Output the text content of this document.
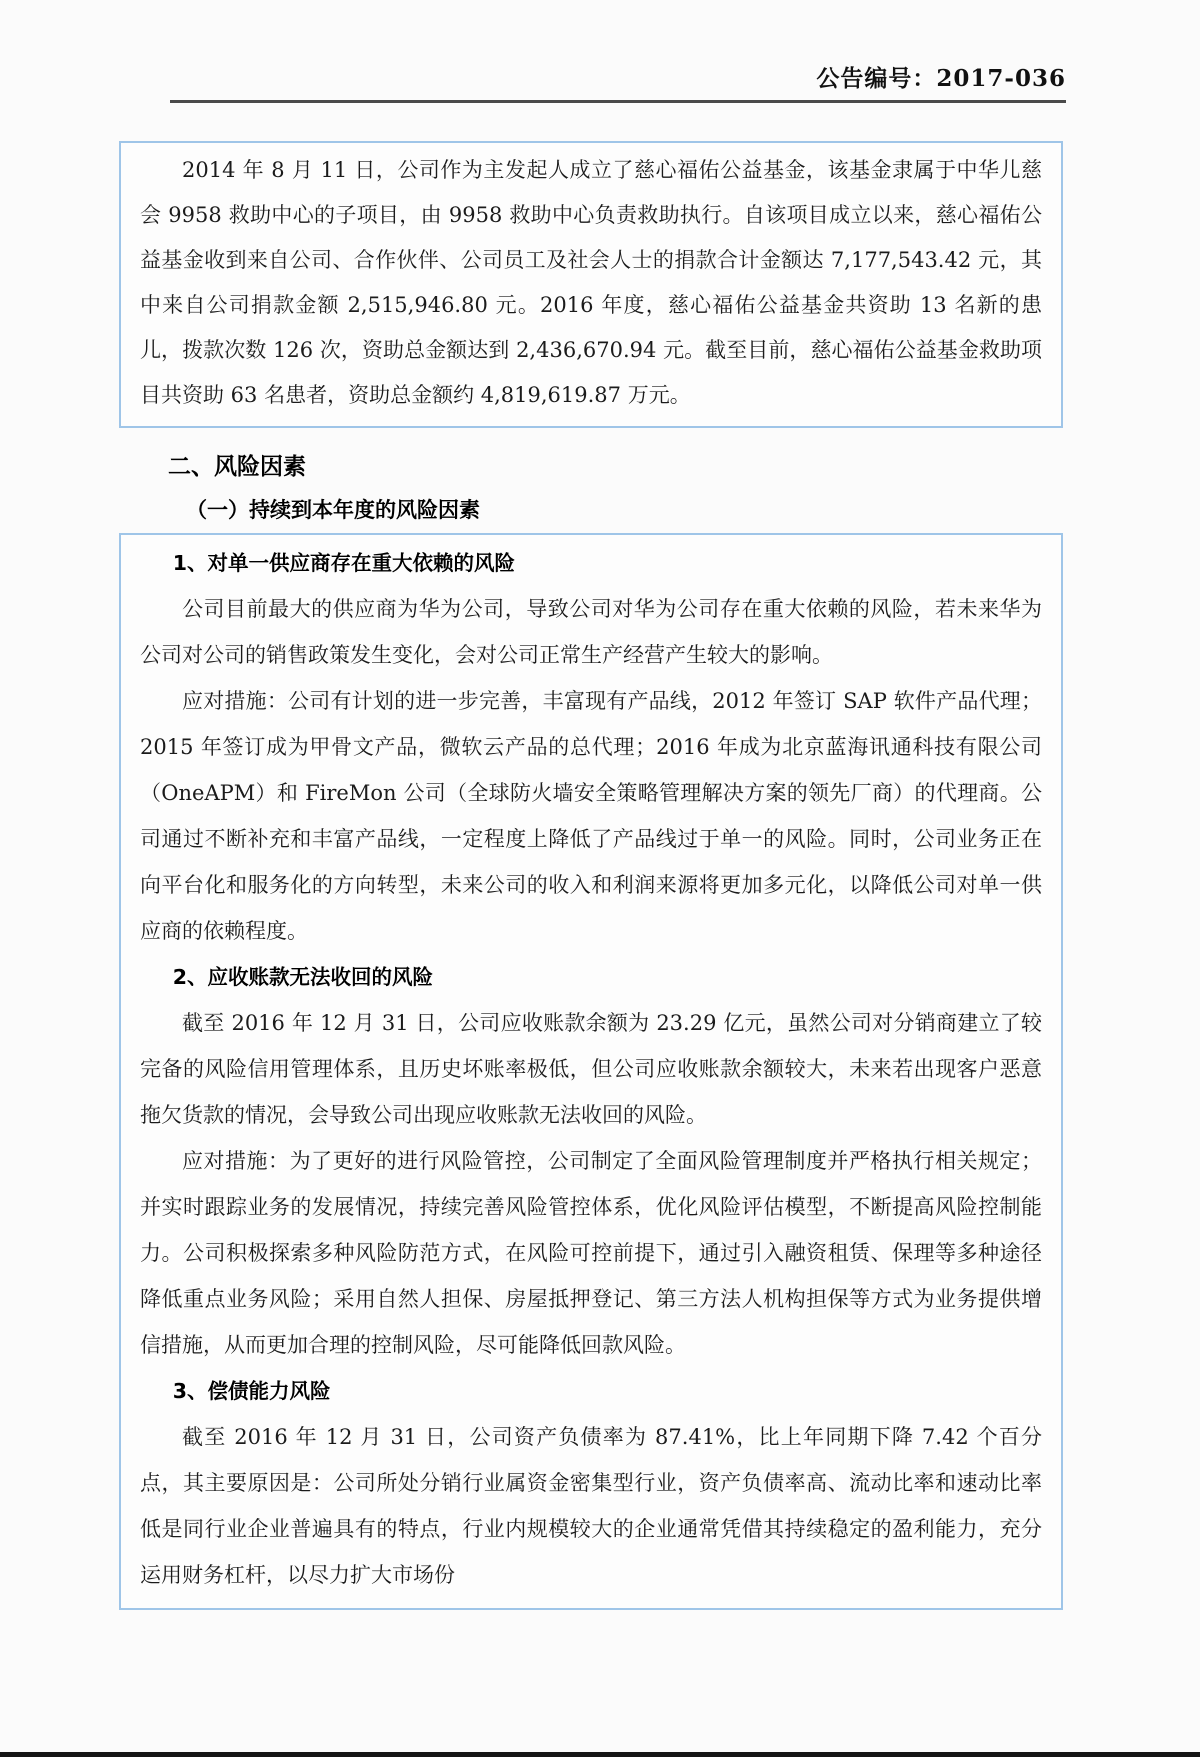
公告编号：2017-036

2014 年 8 月 11 日，公司作为主发起人成立了慈心福佑公益基金，该基金隶属于中华儿慈会 9958 救助中心的子项目，由 9958 救助中心负责救助执行。自该项目成立以来，慈心福佑公益基金收到来自公司、合作伙伴、公司员工及社会人士的捐款合计金额达 7,177,543.42 元，其中来自公司捐款金额 2,515,946.80 元。2016 年度，慈心福佑公益基金共资助 13 名新的患儿，拨款次数 126 次，资助总金额达到 2,436,670.94 元。截至目前，慈心福佑公益基金救助项目共资助 63 名患者，资助总金额约 4,819,619.87 万元。

二、风险因素
（一）持续到本年度的风险因素
1、对单一供应商存在重大依赖的风险

公司目前最大的供应商为华为公司，导致公司对华为公司存在重大依赖的风险，若未来华为公司对公司的销售政策发生变化，会对公司正常生产经营产生较大的影响。

应对措施：公司有计划的进一步完善，丰富现有产品线，2012 年签订 SAP 软件产品代理；2015 年签订成为甲骨文产品，微软云产品的总代理；2016 年成为北京蓝海讯通科技有限公司（OneAPM）和 FireMon 公司（全球防火墙安全策略管理解决方案的领先厂商）的代理商。公司通过不断补充和丰富产品线，一定程度上降低了产品线过于单一的风险。同时，公司业务正在向平台化和服务化的方向转型，未来公司的收入和利润来源将更加多元化，以降低公司对单一供应商的依赖程度。

2、应收账款无法收回的风险

截至 2016 年 12 月 31 日，公司应收账款余额为 23.29 亿元，虽然公司对分销商建立了较完备的风险信用管理体系，且历史坏账率极低，但公司应收账款余额较大，未来若出现客户恶意拖欠货款的情况，会导致公司出现应收账款无法收回的风险。

应对措施：为了更好的进行风险管控，公司制定了全面风险管理制度并严格执行相关规定；并实时跟踪业务的发展情况，持续完善风险管控体系，优化风险评估模型，不断提高风险控制能力。公司积极探索多种风险防范方式，在风险可控前提下，通过引入融资租赁、保理等多种途径降低重点业务风险；采用自然人担保、房屋抵押登记、第三方法人机构担保等方式为业务提供增信措施，从而更加合理的控制风险，尽可能降低回款风险。

3、偿债能力风险

截至 2016 年 12 月 31 日，公司资产负债率为 87.41%，比上年同期下降 7.42 个百分点，其主要原因是：公司所处分销行业属资金密集型行业，资产负债率高、流动比率和速动比率低是同行业企业普遍具有的特点，行业内规模较大的企业通常凭借其持续稳定的盈利能力，充分运用财务杠杆，以尽力扩大市场份
